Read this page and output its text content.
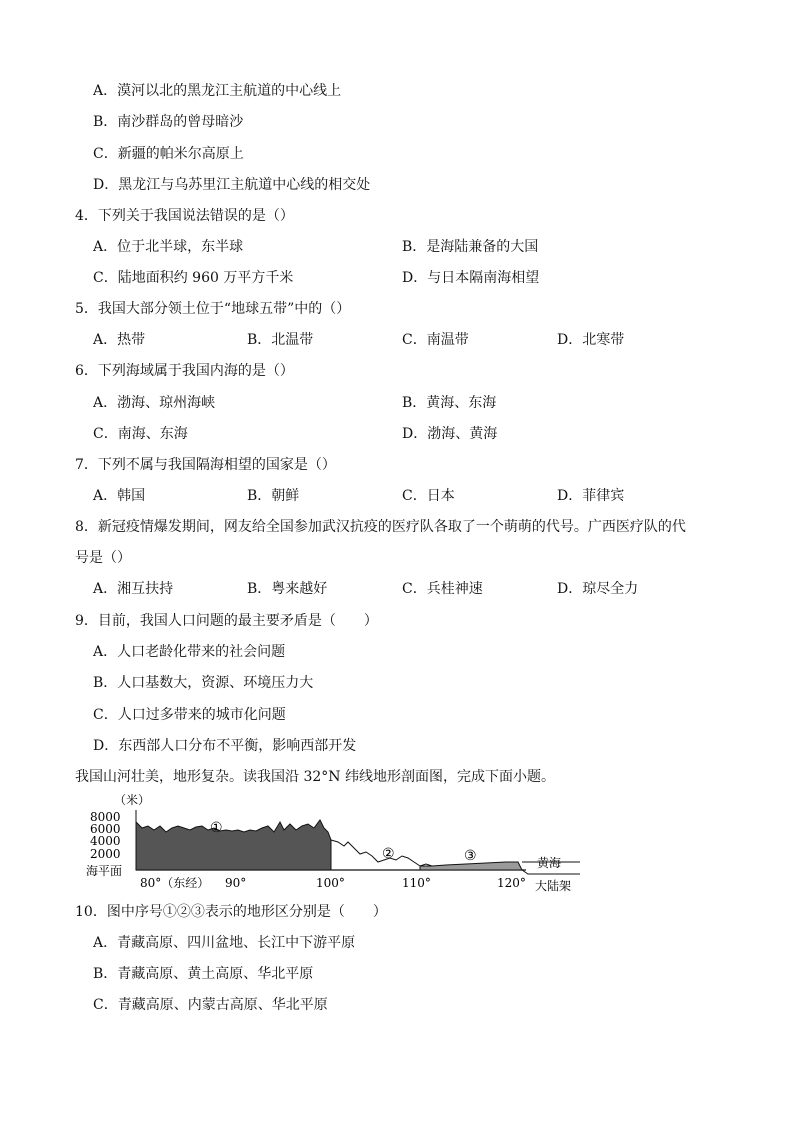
A．漠河以北的黑龙江主航道的中心线上
B．南沙群岛的曾母暗沙
C．新疆的帕米尔高原上
D．黑龙江与乌苏里江主航道中心线的相交处
4．下列关于我国说法错误的是（）
A．位于北半球，东半球	B．是海陆兼备的大国
C．陆地面积约 960 万平方千米	D．与日本隔南海相望
5．我国大部分领土位于“地球五带”中的（）
A．热带	B．北温带	C．南温带	D．北寒带
6．下列海域属于我国内海的是（）
A．渤海、琼州海峡	B．黄海、东海
C．南海、东海	D．渤海、黄海
7．下列不属与我国隔海相望的国家是（）
A．韩国	B．朝鲜	C．日本	D．菲律宾
8．新冠疫情爆发期间，网友给全国参加武汉抗疫的医疗队各取了一个萌萌的代号。广西医疗队的代
号是（）
A．湘互扶持	B．粤来越好	C．兵桂神速	D．琼尽全力
9．目前，我国人口问题的最主要矛盾是（　　）
A．人口老龄化带来的社会问题
B．人口基数大，资源、环境压力大
C．人口过多带来的城市化问题
D．东西部人口分布不平衡，影响西部开发
我国山河壮美，地形复杂。读我国沿 32°N 纬线地形剖面图，完成下面小题。
（米）
8000
6000
4000
2000
海平面
①
②	③	黄海
大陆架
80°（东经） 90°	100°	110°	120°
10．图中序号①②③表示的地形区分别是（　　）
A．青藏高原、四川盆地、长江中下游平原
B．青藏高原、黄土高原、华北平原
C．青藏高原、内蒙古高原、华北平原
